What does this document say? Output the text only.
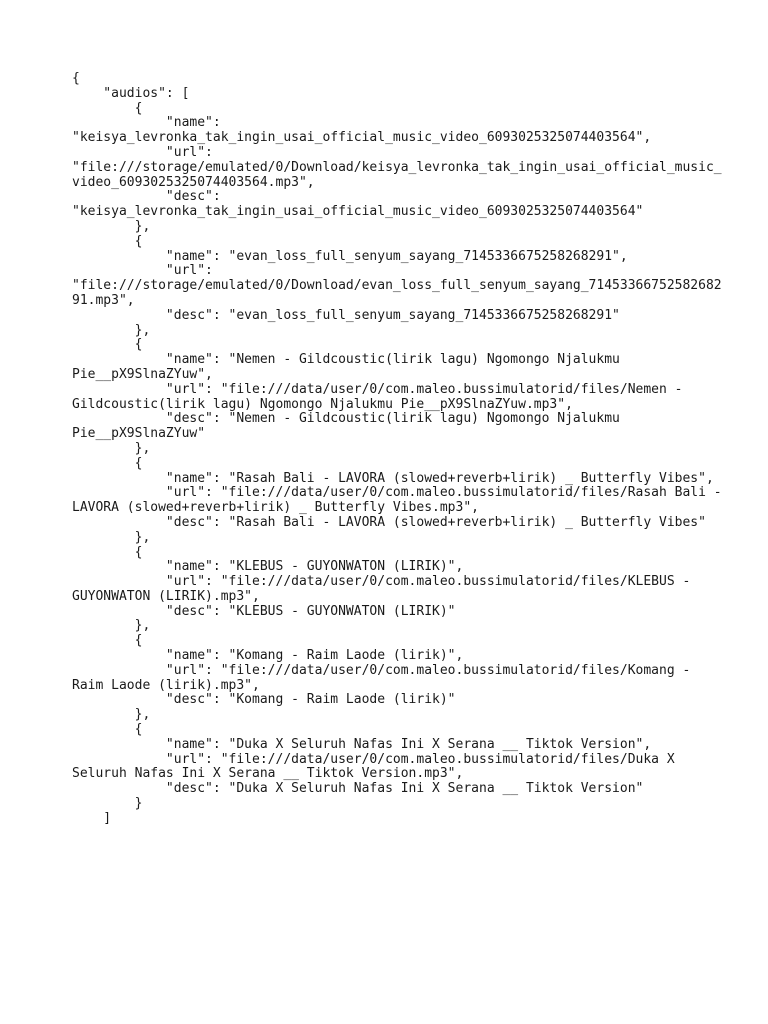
{
"audios": [
{
"name":
"keisya_levronka_tak_ingin_usai_official_music_video_6093025325074403564",
"url":
"file:///storage/emulated/0/Download/keisya_levronka_tak_ingin_usai_official_music_
video_6093025325074403564.mp3",
"desc":
"keisya_levronka_tak_ingin_usai_official_music_video_6093025325074403564"
},
{
"name": "evan_loss_full_senyum_sayang_7145336675258268291",
"url":
"file:///storage/emulated/0/Download/evan_loss_full_senyum_sayang_71453366752582682
91.mp3",
"desc": "evan_loss_full_senyum_sayang_7145336675258268291"
},
{
"name": "Nemen - Gildcoustic(lirik lagu) Ngomongo Njalukmu
Pie__pX9SlnaZYuw",
"url": "file:///data/user/0/com.maleo.bussimulatorid/files/Nemen -
Gildcoustic(lirik lagu) Ngomongo Njalukmu Pie__pX9SlnaZYuw.mp3",
"desc": "Nemen - Gildcoustic(lirik lagu) Ngomongo Njalukmu
Pie__pX9SlnaZYuw"
},
{
"name": "Rasah Bali - LAVORA (slowed+reverb+lirik) _ Butterfly Vibes",
"url": "file:///data/user/0/com.maleo.bussimulatorid/files/Rasah Bali -
LAVORA (slowed+reverb+lirik) _ Butterfly Vibes.mp3",
"desc": "Rasah Bali - LAVORA (slowed+reverb+lirik) _ Butterfly Vibes"
},
{
"name": "KLEBUS - GUYONWATON (LIRIK)",
"url": "file:///data/user/0/com.maleo.bussimulatorid/files/KLEBUS -
GUYONWATON (LIRIK).mp3",
"desc": "KLEBUS - GUYONWATON (LIRIK)"
},
{
"name": "Komang - Raim Laode (lirik)",
"url": "file:///data/user/0/com.maleo.bussimulatorid/files/Komang -
Raim Laode (lirik).mp3",
"desc": "Komang - Raim Laode (lirik)"
},
{
"name": "Duka X Seluruh Nafas Ini X Serana __ Tiktok Version",
"url": "file:///data/user/0/com.maleo.bussimulatorid/files/Duka X
Seluruh Nafas Ini X Serana __ Tiktok Version.mp3",
"desc": "Duka X Seluruh Nafas Ini X Serana __ Tiktok Version"
}
]
